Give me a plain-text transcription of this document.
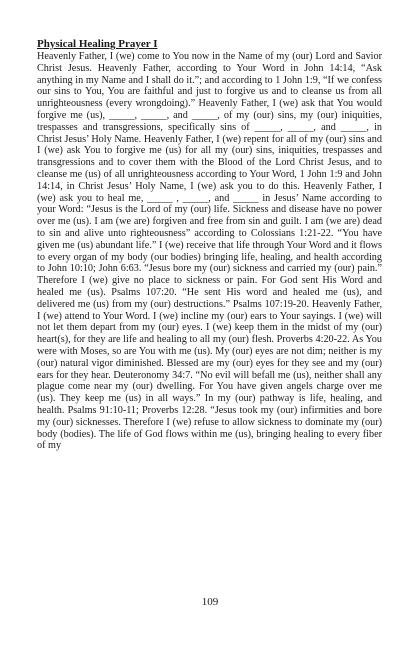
Physical Healing Prayer I

Heavenly Father, I (we) come to You now in the Name of my (our) Lord and Savior Christ Jesus. Heavenly Father, according to Your Word in John 14:14, “Ask anything in my Name and I shall do it.”; and according to 1 John 1:9, “If we confess our sins to You, You are faithful and just to forgive us and to cleanse us from all unrighteousness (every wrongdoing).” Heavenly Father, I (we) ask that You would forgive me (us), _____, _____, and _____, of my (our) sins, my (our) iniquities, trespasses and transgressions, specifically sins of _____, _____, and _____, in Christ Jesus’ Holy Name. Heavenly Father, I (we) repent for all of my (our) sins and I (we) ask You to forgive me (us) for all my (our) sins, iniquities, trespasses and transgressions and to cover them with the Blood of the Lord Christ Jesus, and to cleanse me (us) of all unrighteousness according to Your Word, 1 John 1:9 and John 14:14, in Christ Jesus’ Holy Name, I (we) ask you to do this. Heavenly Father, I (we) ask you to heal me, _____ , _____, and _____ in Jesus’ Name according to your Word: “Jesus is the Lord of my (our) life. Sickness and disease have no power over me (us). I am (we are) forgiven and free from sin and guilt. I am (we are) dead to sin and alive unto righteousness” according to Colossians 1:21-22. “You have given me (us) abundant life.” I (we) receive that life through Your Word and it flows to every organ of my body (our bodies) bringing life, healing, and health according to John 10:10; John 6:63. “Jesus bore my (our) sickness and carried my (our) pain.” Therefore I (we) give no place to sickness or pain. For God sent His Word and healed me (us). Psalms 107:20. “He sent His word and healed me (us), and delivered me (us) from my (our) destructions.” Psalms 107:19-20. Heavenly Father, I (we) attend to Your Word. I (we) incline my (our) ears to Your sayings. I (we) will not let them depart from my (our) eyes. I (we) keep them in the midst of my (our) heart(s), for they are life and healing to all my (our) flesh. Proverbs 4:20-22. As You were with Moses, so are You with me (us). My (our) eyes are not dim; neither is my (our) natural vigor diminished. Blessed are my (our) eyes for they see and my (our) ears for they hear. Deuteronomy 34:7. “No evil will befall me (us), neither shall any plague come near my (our) dwelling. For You have given angels charge over me (us). They keep me (us) in all ways.” In my (our) pathway is life, healing, and health. Psalms 91:10-11; Proverbs 12:28. “Jesus took my (our) infirmities and bore my (our) sicknesses. Therefore I (we) refuse to allow sickness to dominate my (our) body (bodies). The life of God flows within me (us), bringing healing to every fiber of my

109
